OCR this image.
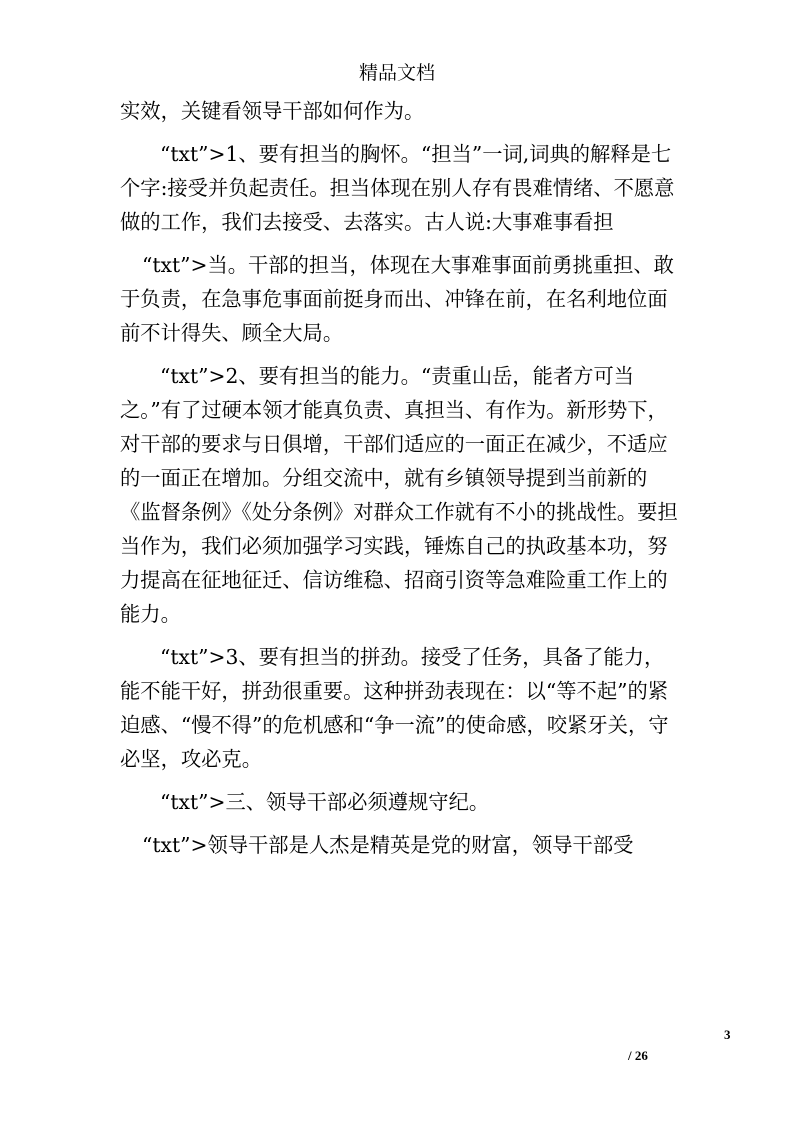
精品文档

实效，关键看领导干部如何作为。

“txt”>1、要有担当的胸怀。“担当”一词,词典的解释是七个字:接受并负起责任。担当体现在别人存有畏难情绪、不愿意做的工作，我们去接受、去落实。古人说:大事难事看担

“txt”>当。干部的担当，体现在大事难事面前勇挑重担、敢于负责，在急事危事面前挺身而出、冲锋在前，在名利地位面前不计得失、顾全大局。

“txt”>2、要有担当的能力。“责重山岳，能者方可当之。”有了过硬本领才能真负责、真担当、有作为。新形势下，对干部的要求与日俱增，干部们适应的一面正在减少，不适应的一面正在增加。分组交流中，就有乡镇领导提到当前新的《监督条例》《处分条例》对群众工作就有不小的挑战性。要担当作为，我们必须加强学习实践，锤炼自己的执政基本功，努力提高在征地征迁、信访维稳、招商引资等急难险重工作上的能力。

“txt”>3、要有担当的拼劲。接受了任务，具备了能力，能不能干好，拼劲很重要。这种拼劲表现在：以“等不起”的紧迫感、“慢不得”的危机感和“争一流”的使命感，咬紧牙关，守必坚，攻必克。

“txt”>三、领导干部必须遵规守纪。

“txt”>领导干部是人杰是精英是党的财富，领导干部受

3
/ 26
